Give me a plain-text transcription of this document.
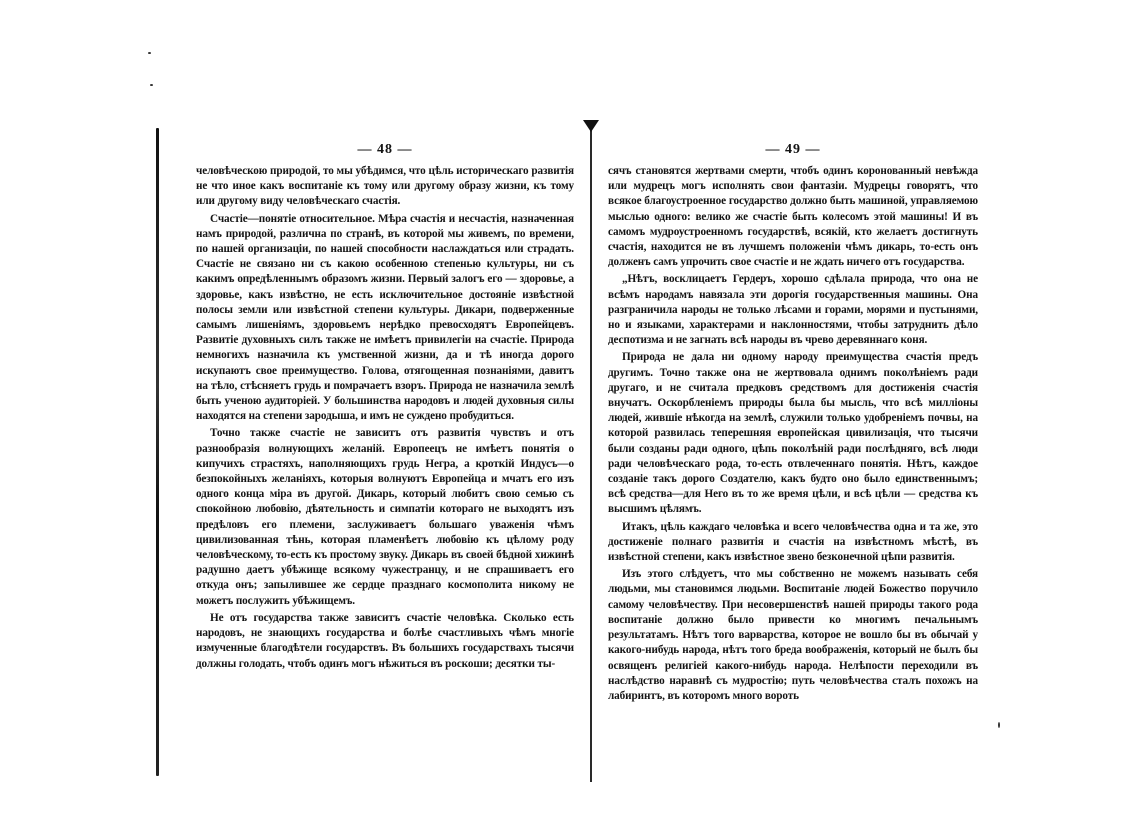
— 48 —

человѣческою природой, то мы убѣдимся, что цѣль историческаго развитія не что иное какъ воспитаніе къ тому или другому образу жизни, къ тому или другому виду человѣческаго счастія.

Счастіе—понятіе относительное. Мѣра счастія и несчастія, назначенная намъ природой, различна по странѣ, въ которой мы живемъ, по времени, по нашей организаціи, по нашей способности наслаждаться или страдать. Счастіе не связано ни съ какою особенною степенью культуры, ни съ какимъ опредѣленнымъ образомъ жизни. Первый залогъ его — здоровье, а здоровье, какъ извѣстно, не есть исключительное достояніе извѣстной полосы земли или извѣстной степени культуры. Дикари, подверженные самымъ лишеніямъ, здоровьемъ нерѣдко превосходятъ Европейцевъ. Развитіе духовныхъ силъ также не имѣетъ привилегіи на счастіе. Природа немногихъ назначила къ умственной жизни, да и тѣ иногда дорого искупаютъ свое преимущество. Голова, отягощенная познаніями, давитъ на тѣло, стѣсняетъ грудь и помрачаетъ взоръ. Природа не назначила землѣ быть ученою аудиторіей. У большинства народовъ и людей духовныя силы находятся на степени зародыша, и имъ не суждено пробудиться.

Точно также счастіе не зависитъ отъ развитія чувствъ и отъ разнообразія волнующихъ желаній. Европеецъ не имѣетъ понятія о кипучихъ страстяхъ, наполняющихъ грудь Негра, а кроткій Индусъ—о безпокойныхъ желаніяхъ, которыя волнуютъ Европейца и мчатъ его изъ одного конца міра въ другой. Дикарь, который любитъ свою семью съ спокойною любовію, дѣятельность и симпатіи котораго не выходятъ изъ предѣловъ его племени, заслуживаетъ большаго уваженія чѣмъ цивилизованная тѣнь, которая пламенѣетъ любовію къ цѣлому роду человѣческому, то-есть къ простому звуку. Дикарь въ своей бѣдной хижинѣ радушно даетъ убѣжище всякому чужестранцу, и не спрашиваетъ его откуда онъ; запылившее же сердце празднаго космополита никому не можетъ послужить убѣжищемъ.

Не отъ государства также зависитъ счастіе человѣка. Сколько есть народовъ, не знающихъ государства и болѣе счастливыхъ чѣмъ многіе измученные благодѣтели государствъ. Въ большихъ государствахъ тысячи должны голодать, чтобъ одинъ могъ нѣжиться въ роскоши; десятки ты-

— 49 —

сячъ становятся жертвами смерти, чтобъ одинъ коронованный невѣжда или мудрецъ могъ исполнять свои фантазіи. Мудрецы говорятъ, что всякое благоустроенное государство должно быть машиной, управляемою мыслью одного: велико же счастіе быть колесомъ этой машины! И въ самомъ мудроустроенномъ государствѣ, всякій, кто желаетъ достигнуть счастія, находится не въ лучшемъ положеніи чѣмъ дикарь, то-есть онъ долженъ самъ упрочить свое счастіе и не ждать ничего отъ государства.

„Нѣтъ, восклицаетъ Гердеръ, хорошо сдѣлала природа, что она не всѣмъ народамъ навязала эти дорогія государственныя машины. Она разграничила народы не только лѣсами и горами, морями и пустынями, но и языками, характерами и наклонностями, чтобы затруднить дѣло деспотизма и не загнать всѣ народы въ чрево деревяннаго коня.

Природа не дала ни одному народу преимущества счастія предъ другимъ. Точно также она не жертвовала однимъ поколѣніемъ ради другаго, и не считала предковъ средствомъ для достиженія счастія внучатъ. Оскорбленіемъ природы была бы мысль, что всѣ милліоны людей, жившіе нѣкогда на землѣ, служили только удобреніемъ почвы, на которой развилась теперешняя европейская цивилизація, что тысячи были созданы ради одного, цѣпь поколѣній ради послѣдняго, всѣ люди ради человѣческаго рода, то-есть отвлеченнаго понятія. Нѣтъ, каждое созданіе такъ дорого Создателю, какъ будто оно было единственнымъ; всѣ средства—для Него въ то же время цѣли, и всѣ цѣли — средства къ высшимъ цѣлямъ.

Итакъ, цѣль каждаго человѣка и всего человѣчества одна и та же, это достиженіе полнаго развитія и счастія на извѣстномъ мѣстѣ, въ извѣстной степени, какъ извѣстное звено безконечной цѣпи развитія.

Изъ этого слѣдуетъ, что мы собственно не можемъ называть себя людьми, мы становимся людьми. Воспитаніе людей Божество поручило самому человѣчеству. При несовершенствѣ нашей природы такого рода воспитаніе должно было привести ко многимъ печальнымъ результатамъ. Нѣтъ того варварства, которое не вошло бы въ обычай у какого-нибудь народа, нѣтъ того бреда воображенія, который не былъ бы освященъ религіей какого-нибудь народа. Нелѣпости переходили въ наслѣдство наравнѣ съ мудростію; путь человѣчества сталъ похожъ на лабиринтъ, въ которомъ много вороть
